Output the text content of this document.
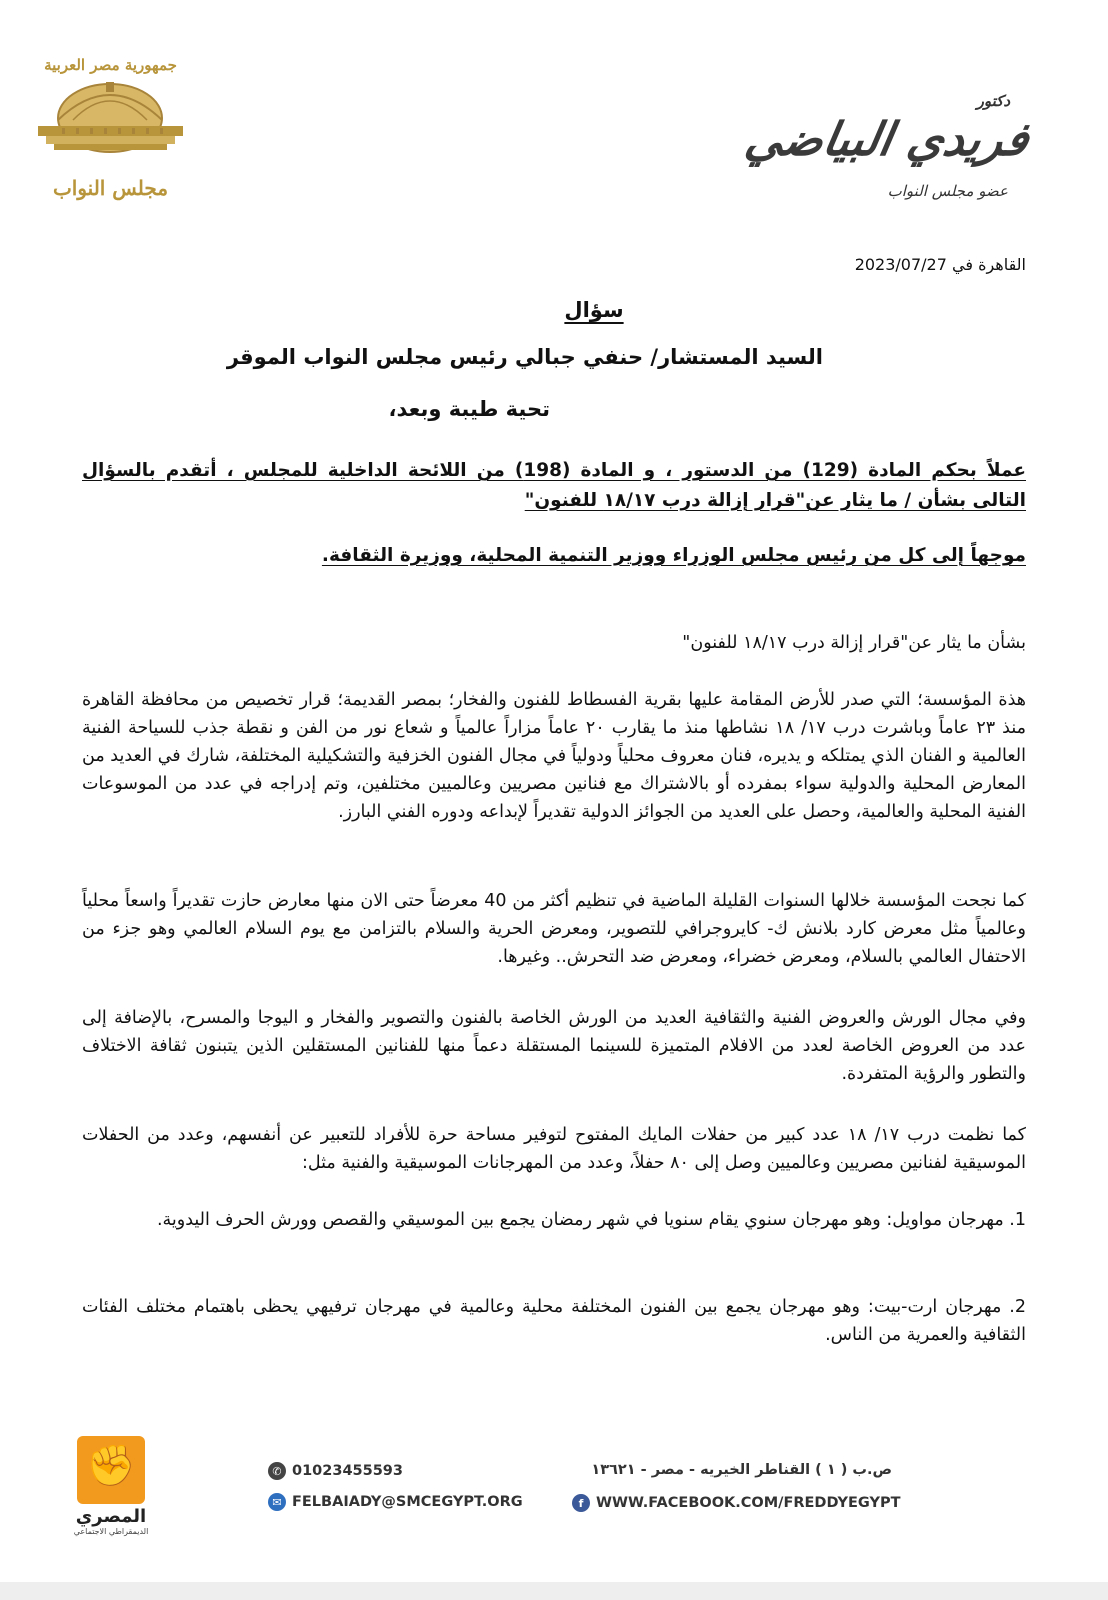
جمهورية مصر العربية
مجلس النواب
دكتور
فريدي البياضي
عضو مجلس النواب
القاهرة في 2023/07/27
سؤال
السيد المستشار/ حنفي جبالي رئيس مجلس النواب الموقر
تحية طيبة وبعد،
عملاً بحكم المادة (129) من الدستور ، و المادة (198) من اللائحة الداخلية للمجلس ، أتقدم بالسؤال التالى بشأن / ما يثار عن"قرار إزالة درب ١٨/١٧ للفنون"
موجهاً إلى كل من رئيس مجلس الوزراء ووزير التنمية المحلية، ووزيرة الثقافة.
بشأن ما يثار عن"قرار إزالة درب ١٨/١٧ للفنون"
هذة المؤسسة؛ التي صدر للأرض المقامة عليها بقرية الفسطاط للفنون والفخار؛ بمصر القديمة؛ قرار تخصيص من محافظة القاهرة منذ ٢٣ عاماً وباشرت درب ١٧/ ١٨ نشاطها منذ ما يقارب ٢٠ عاماً مزاراً عالمياً و شعاع نور من الفن و نقطة جذب للسياحة الفنية العالمية و الفنان الذي يمتلكه و يديره، فنان معروف محلياً ودولياً في مجال الفنون الخزفية والتشكيلية المختلفة، شارك في العديد من المعارض المحلية والدولية سواء بمفرده أو بالاشتراك مع فنانين مصريين وعالميين مختلفين، وتم إدراجه في عدد من الموسوعات الفنية المحلية والعالمية، وحصل على العديد من الجوائز الدولية تقديراً لإبداعه ودوره الفني البارز.
كما نجحت المؤسسة خلالها السنوات القليلة الماضية في تنظيم أكثر من 40 معرضاً حتى الان منها معارض حازت تقديراً واسعاً محلياً وعالمياً مثل معرض كارد بلانش ك- كايروجرافي للتصوير، ومعرض الحرية والسلام بالتزامن مع يوم السلام العالمي وهو جزء من الاحتفال العالمي بالسلام، ومعرض خضراء، ومعرض ضد التحرش.. وغيرها.
وفي مجال الورش والعروض الفنية والثقافية العديد من الورش الخاصة بالفنون والتصوير والفخار و اليوجا والمسرح، بالإضافة إلى عدد من العروض الخاصة لعدد من الافلام المتميزة للسينما المستقلة دعماً منها للفنانين المستقلين الذين يتبنون ثقافة الاختلاف والتطور والرؤية المتفردة.
كما نظمت درب ١٧/ ١٨ عدد كبير من حفلات المايك المفتوح لتوفير مساحة حرة للأفراد للتعبير عن أنفسهم، وعدد من الحفلات الموسيقية لفنانين مصريين وعالميين وصل إلى ٨٠ حفلاً، وعدد من المهرجانات الموسيقية والفنية مثل:
1. مهرجان مواويل: وهو مهرجان سنوي يقام سنويا في شهر رمضان يجمع بين الموسيقي والقصص وورش الحرف اليدوية.
2. مهرجان ارت-بيت: وهو مهرجان يجمع بين الفنون المختلفة محلية وعالمية في مهرجان ترفيهي يحظى باهتمام مختلف الفئات الثقافية والعمرية من الناس.
✊
المصري
الديمقراطي الاجتماعي
✆ 01023455593
✉ FELBAIADY@SMCEGYPT.ORG
ص.ب ( ١ ) القناطر الخيريه - مصر - ١٣٦٢١
f WWW.FACEBOOK.COM/FREDDYEGYPT
